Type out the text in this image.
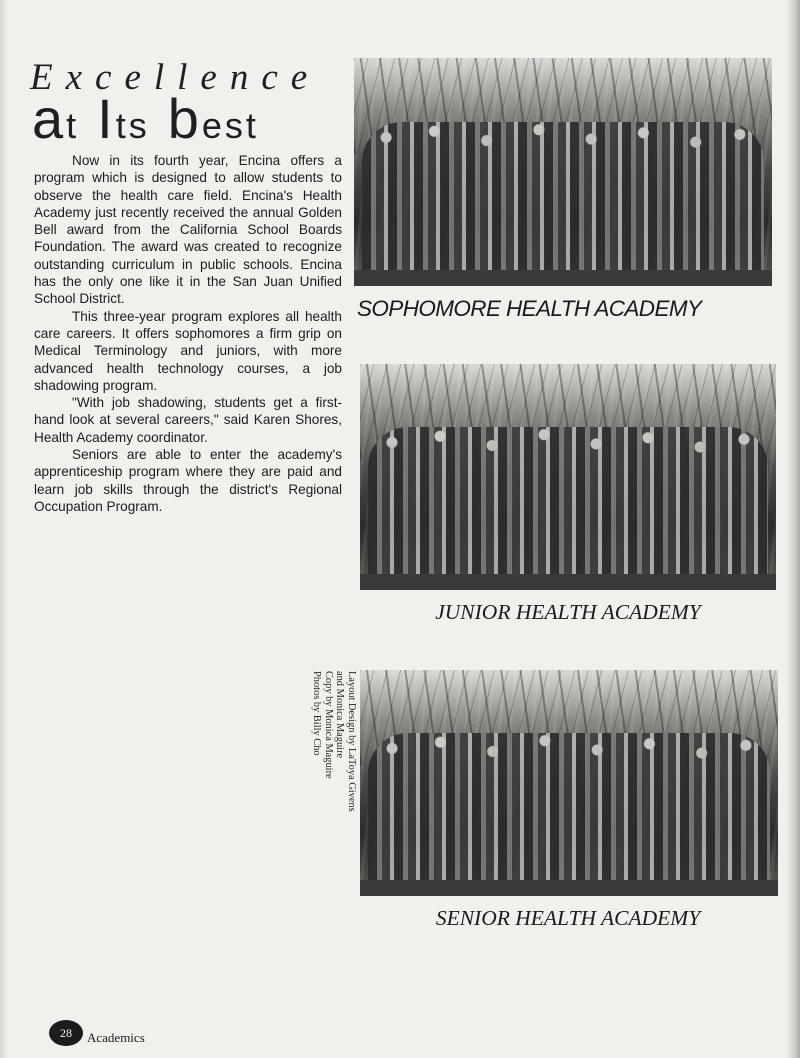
Excellence
at Its best

Now in its fourth year, Encina offers a program which is designed to allow students to observe the health care field. Encina's Health Academy just recently received the annual Golden Bell award from the California School Boards Foundation. The award was created to recognize outstanding curriculum in public schools. Encina has the only one like it in the San Juan Unified School District.

This three-year program explores all health care careers. It offers sophomores a firm grip on Medical Terminology and juniors, with more advanced health technology courses, a job shadowing program.

"With job shadowing, students get a first-hand look at several careers," said Karen Shores, Health Academy coordinator.

Seniors are able to enter the academy's apprenticeship program where they are paid and learn job skills through the district's Regional Occupation Program.

SOPHOMORE HEALTH ACADEMY
JUNIOR HEALTH ACADEMY
Layout Design by LaToya Givens
and Monica Maguire
Copy by Monica Maguire
Photos by Billy Cho
SENIOR HEALTH ACADEMY
28	Academics
